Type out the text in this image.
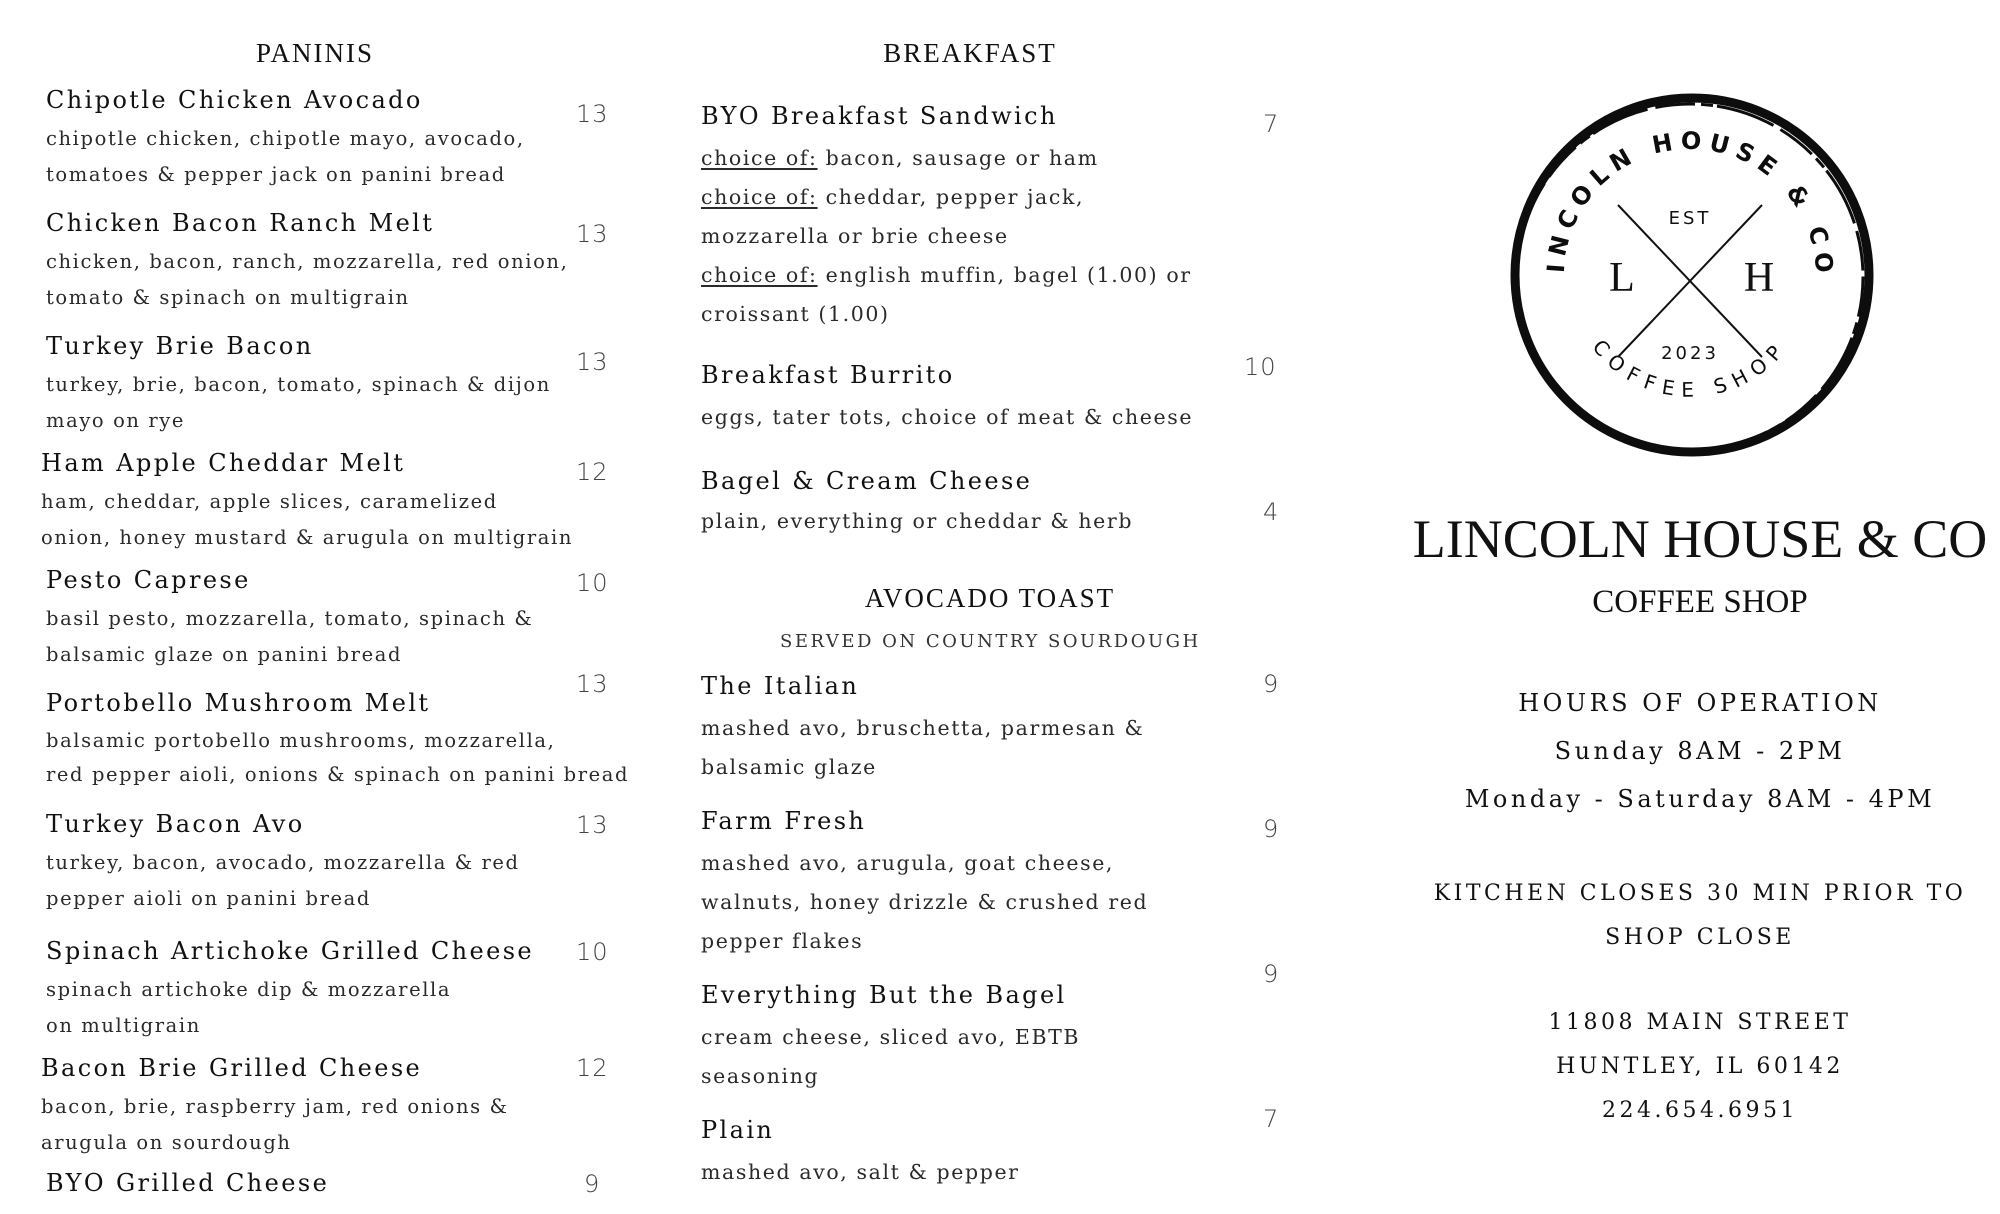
PANINIS
Chipotle Chicken Avocado
chipotle chicken, chipotle mayo, avocado,
tomatoes & pepper jack on panini bread
13
Chicken Bacon Ranch Melt
chicken, bacon, ranch, mozzarella, red onion,
tomato & spinach on multigrain
13
Turkey Brie Bacon
turkey, brie, bacon, tomato, spinach & dijon
mayo on rye
13
Ham Apple Cheddar Melt
ham, cheddar, apple slices, caramelized
onion, honey mustard & arugula on multigrain
12
Pesto Caprese
basil pesto, mozzarella, tomato, spinach &
balsamic glaze on panini bread
10
Portobello Mushroom Melt
balsamic portobello mushrooms, mozzarella,
red pepper aioli, onions & spinach on panini bread
13
Turkey Bacon Avo
turkey, bacon, avocado, mozzarella & red
pepper aioli on panini bread
13
Spinach Artichoke Grilled Cheese
spinach artichoke dip & mozzarella
on multigrain
10
Bacon Brie Grilled Cheese
bacon, brie, raspberry jam, red onions &
arugula on sourdough
12
BYO Grilled Cheese	9
BREAKFAST
BYO Breakfast Sandwich
choice of: bacon, sausage or ham
choice of: cheddar, pepper jack,
mozzarella or brie cheese
choice of: english muffin, bagel (1.00) or
croissant (1.00)
7
Breakfast Burrito
eggs, tater tots, choice of meat & cheese
10
Bagel & Cream Cheese
plain, everything or cheddar & herb	4
AVOCADO TOAST
SERVED ON COUNTRY SOURDOUGH
The Italian
mashed avo, bruschetta, parmesan &
balsamic glaze
9
Farm Fresh
mashed avo, arugula, goat cheese,
walnuts, honey drizzle & crushed red
pepper flakes
9
Everything But the Bagel
cream cheese, sliced avo, EBTB
seasoning
9
Plain
mashed avo, salt & pepper
7
INCOLN HOUSE & CO
COFFEE SHOP
EST
L	H
2023
LINCOLN HOUSE & CO
COFFEE SHOP
HOURS OF OPERATION
Sunday 8AM - 2PM
Monday - Saturday 8AM - 4PM
KITCHEN CLOSES 30 MIN PRIOR TO
SHOP CLOSE
11808 MAIN STREET
HUNTLEY, IL 60142
224.654.6951
